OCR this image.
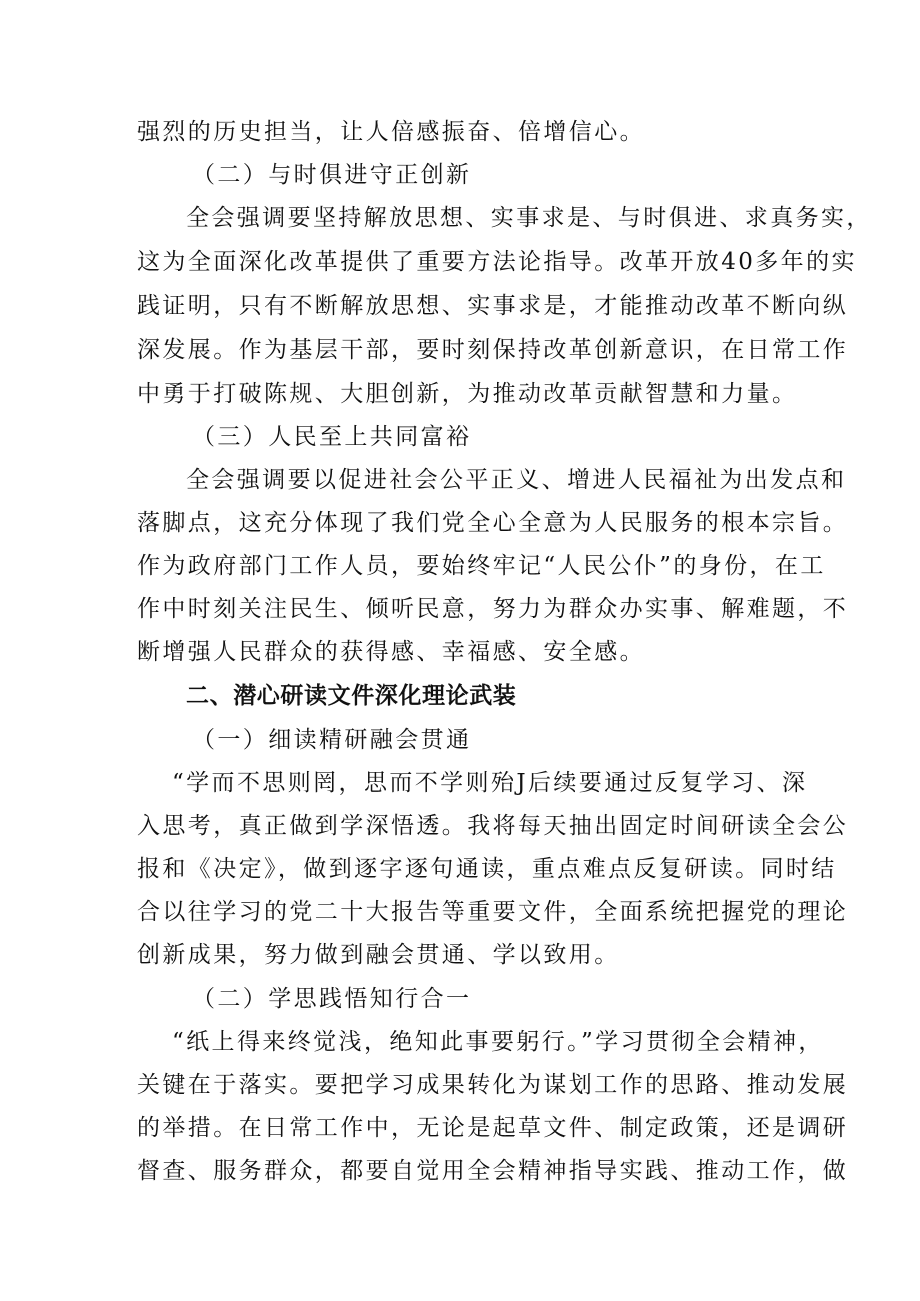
强烈的历史担当，让人倍感振奋、倍增信心。
（二）与时俱进守正创新
全会强调要坚持解放思想、实事求是、与时俱进、求真务实，
这为全面深化改革提供了重要方法论指导。改革开放40多年的实
践证明，只有不断解放思想、实事求是，才能推动改革不断向纵
深发展。作为基层干部，要时刻保持改革创新意识，在日常工作
中勇于打破陈规、大胆创新，为推动改革贡献智慧和力量。
（三）人民至上共同富裕
全会强调要以促进社会公平正义、增进人民福祉为出发点和
落脚点，这充分体现了我们党全心全意为人民服务的根本宗旨。
作为政府部门工作人员，要始终牢记“人民公仆”的身份，在工
作中时刻关注民生、倾听民意，努力为群众办实事、解难题，不
断增强人民群众的获得感、幸福感、安全感。
二、潜心研读文件深化理论武装
（一）细读精研融会贯通
“学而不思则罔，思而不学则殆J后续要通过反复学习、深
入思考，真正做到学深悟透。我将每天抽出固定时间研读全会公
报和《决定》，做到逐字逐句通读，重点难点反复研读。同时结
合以往学习的党二十大报告等重要文件，全面系统把握党的理论
创新成果，努力做到融会贯通、学以致用。
（二）学思践悟知行合一
“纸上得来终觉浅，绝知此事要躬行。”学习贯彻全会精神，
关键在于落实。要把学习成果转化为谋划工作的思路、推动发展
的举措。在日常工作中，无论是起草文件、制定政策，还是调研
督查、服务群众，都要自觉用全会精神指导实践、推动工作，做
